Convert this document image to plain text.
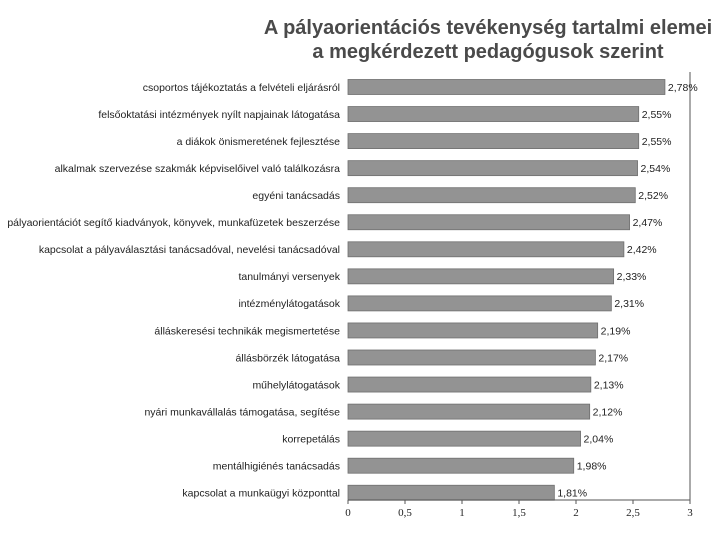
A pályaorientációs tevékenység tartalmi elemei
a megkérdezett pedagógusok szerint
csoportos tájékoztatás a felvételi eljárásról
felsőoktatási intézmények nyílt napjainak látogatása
a diákok önismeretének fejlesztése
alkalmak szervezése szakmák képviselőivel való találkozásra
egyéni tanácsadás
pályaorientációt segítő kiadványok, könyvek, munkafüzetek beszerzése
kapcsolat a pályaválasztási tanácsadóval, nevelési tanácsadóval
tanulmányi versenyek
intézménylátogatások
álláskeresési technikák megismertetése
állásbörzék látogatása
műhelylátogatások
nyári munkavállalás támogatása, segítése
korrepetálás
mentálhigiénés tanácsadás
kapcsolat a munkaügyi központtal
2,78%
2,55%
2,55%
2,54%
2,52%
2,47%
2,42%
2,33%
2,31%
2,19%
2,17%
2,13%
2,12%
2,04%
1,98%
1,81%
0	0,5	1	1,5	2	2,5	3
